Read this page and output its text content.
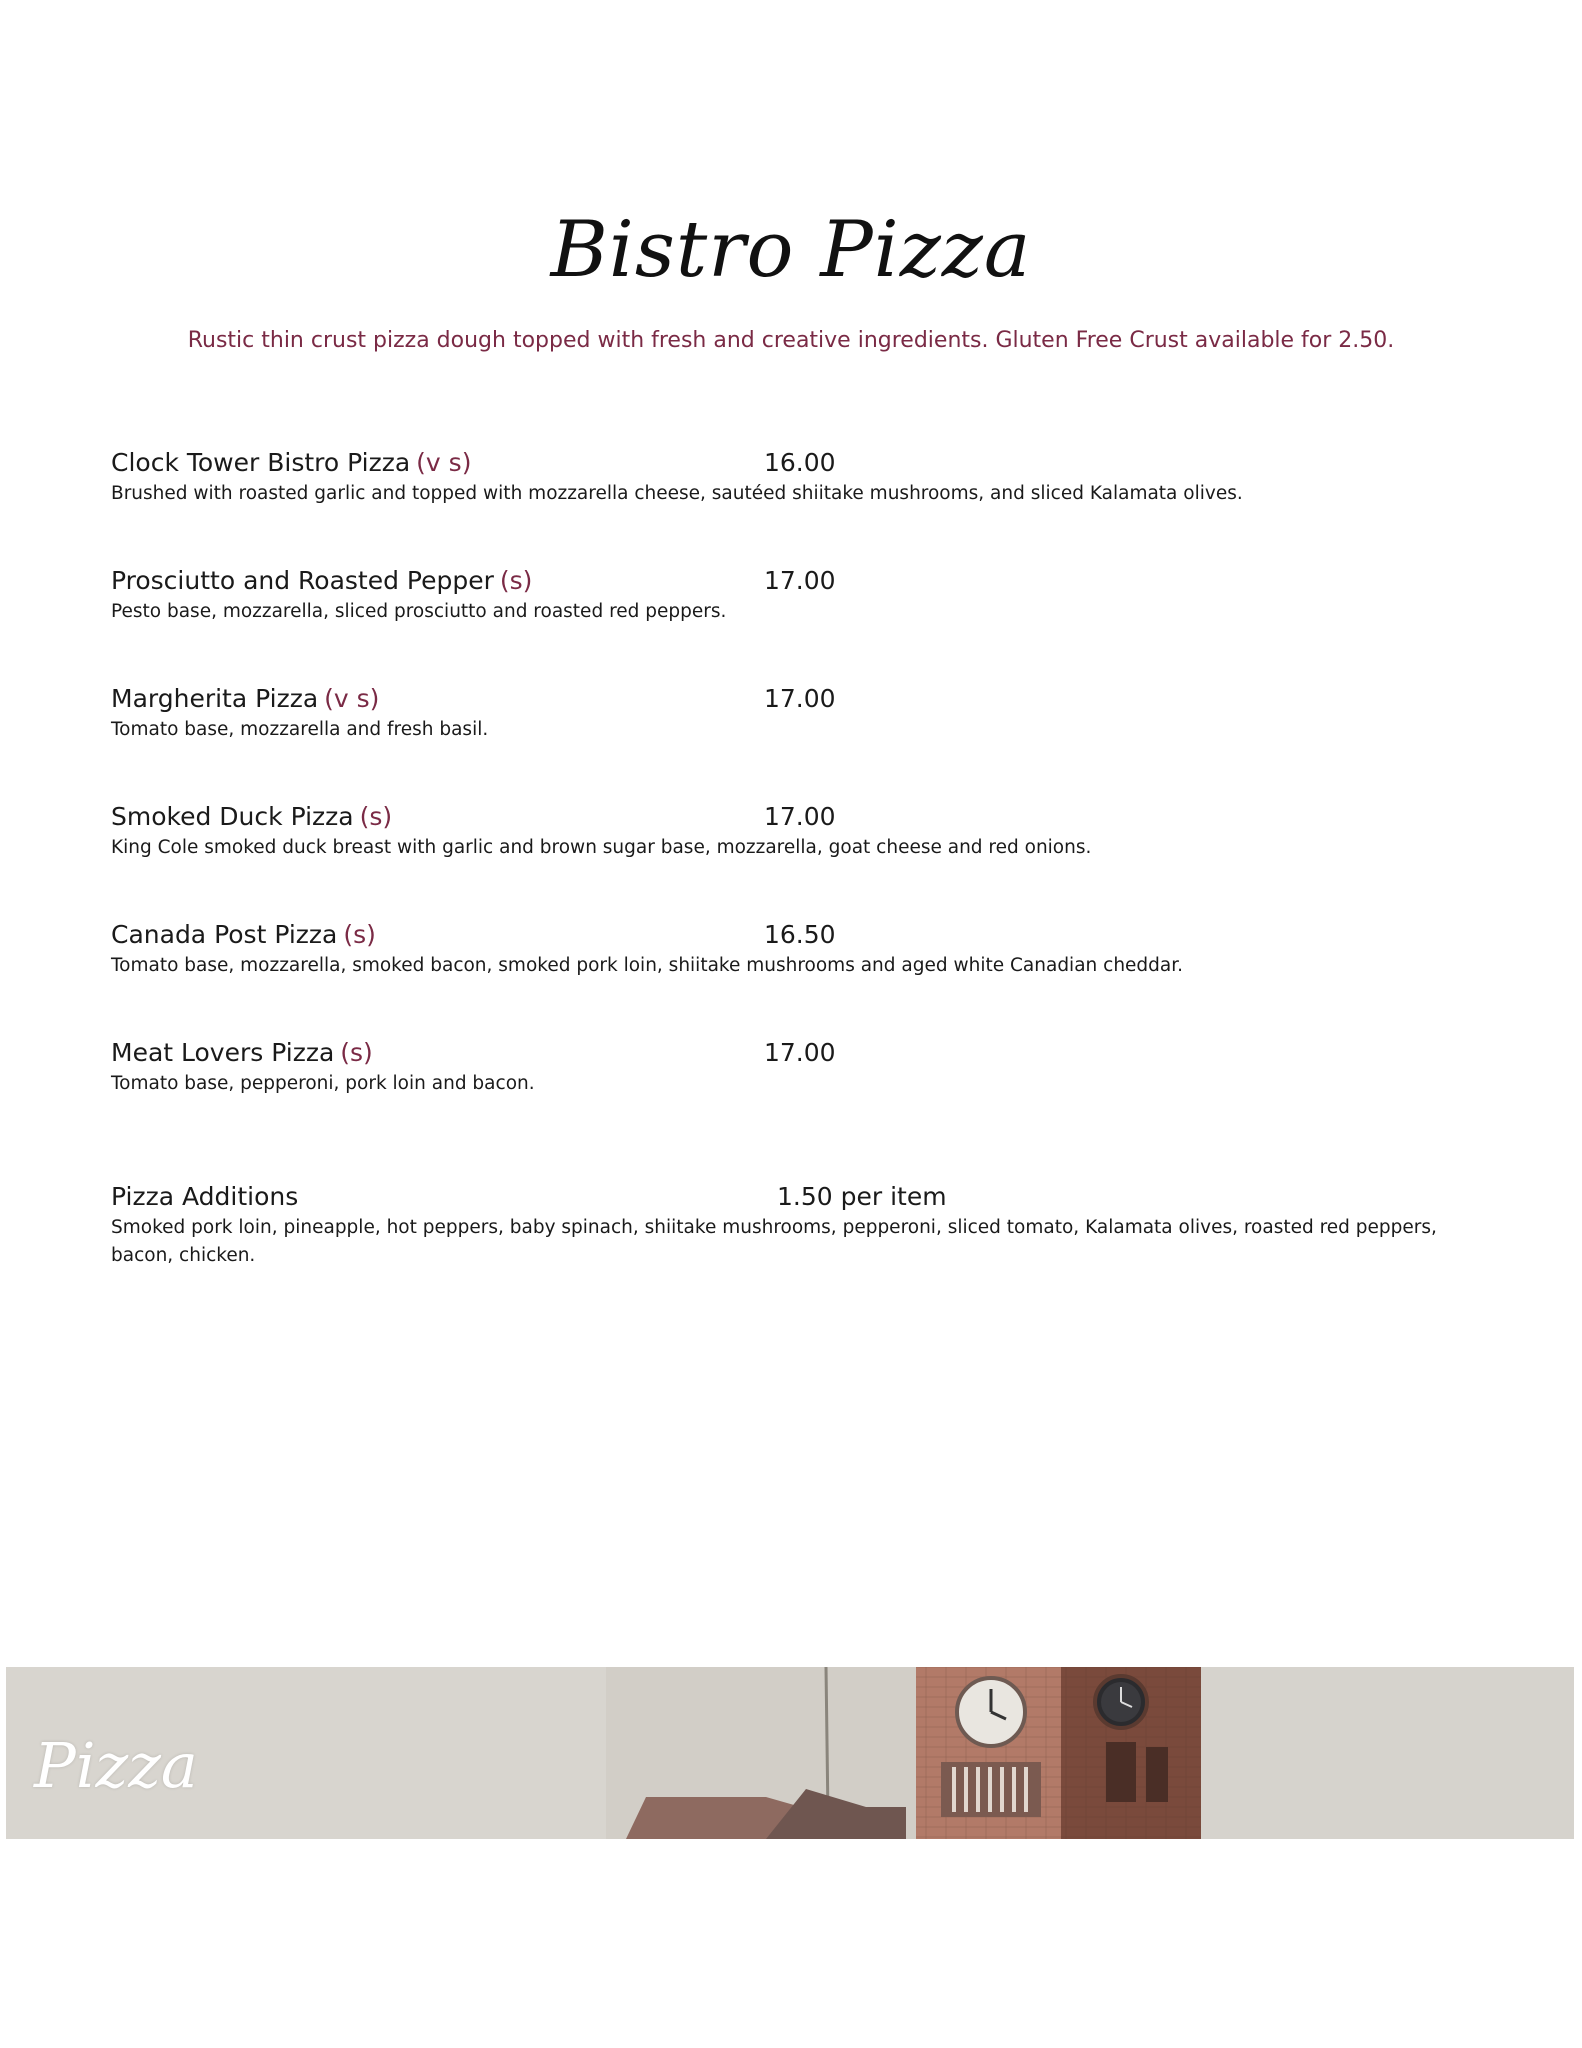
Bistro Pizza

Rustic thin crust pizza dough topped with fresh and creative ingredients. Gluten Free Crust available for 2.50.

Clock Tower Bistro Pizza (v s)	16.00
Brushed with roasted garlic and topped with mozzarella cheese, sautéed shiitake mushrooms, and sliced Kalamata olives.
Prosciutto and Roasted Pepper (s)	17.00
Pesto base, mozzarella, sliced prosciutto and roasted red peppers.
Margherita Pizza (v s)	17.00
Tomato base, mozzarella and fresh basil.
Smoked Duck Pizza (s)	17.00
King Cole smoked duck breast with garlic and brown sugar base, mozzarella, goat cheese and red onions.
Canada Post Pizza (s)	16.50
Tomato base, mozzarella, smoked bacon, smoked pork loin, shiitake mushrooms and aged white Canadian cheddar.
Meat Lovers Pizza (s)	17.00
Tomato base, pepperoni, pork loin and bacon.
Pizza Additions	1.50 per item
Smoked pork loin, pineapple, hot peppers, baby spinach, shiitake mushrooms, pepperoni, sliced tomato, Kalamata olives, roasted red peppers, bacon, chicken.
Pizza
